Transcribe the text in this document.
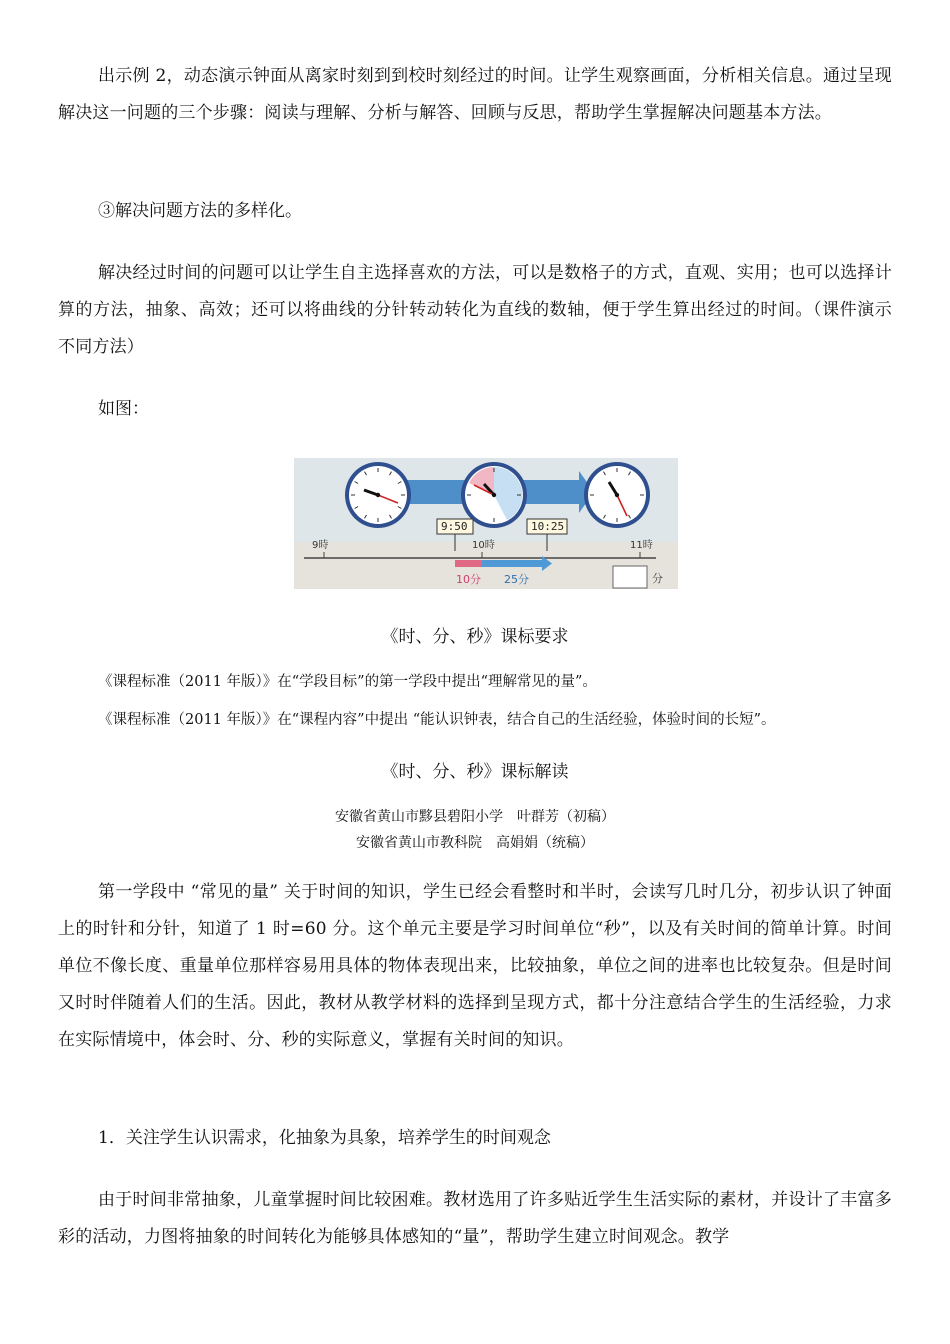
出示例 2，动态演示钟面从离家时刻到到校时刻经过的时间。让学生观察画面，分析相关信息。通过呈现解决这一问题的三个步骤：阅读与理解、分析与解答、回顾与反思，帮助学生掌握解决问题基本方法。

③解决问题方法的多样化。

解决经过时间的问题可以让学生自主选择喜欢的方法，可以是数格子的方式，直观、实用；也可以选择计算的方法，抽象、高效；还可以将曲线的分针转动转化为直线的数轴，便于学生算出经过的时间。（课件演示不同方法）

如图：

9時	10時	11時
9:50	10:25
10分 25分	分

《时、分、秒》课标要求

《课程标准（2011 年版）》在“学段目标”的第一学段中提出“理解常见的量”。

《课程标准（2011 年版）》在“课程内容”中提出 “能认识钟表，结合自己的生活经验，体验时间的长短”。

《时、分、秒》课标解读

安徽省黄山市黟县碧阳小学　叶群芳（初稿）

安徽省黄山市教科院　高娟娟（统稿）

第一学段中 “常见的量” 关于时间的知识，学生已经会看整时和半时，会读写几时几分，初步认识了钟面上的时针和分针，知道了 1 时=60 分。这个单元主要是学习时间单位“秒”，以及有关时间的简单计算。时间单位不像长度、重量单位那样容易用具体的物体表现出来，比较抽象，单位之间的进率也比较复杂。但是时间又时时伴随着人们的生活。因此，教材从教学材料的选择到呈现方式，都十分注意结合学生的生活经验，力求在实际情境中，体会时、分、秒的实际意义，掌握有关时间的知识。

1．关注学生认识需求，化抽象为具象，培养学生的时间观念

由于时间非常抽象，儿童掌握时间比较困难。教材选用了许多贴近学生生活实际的素材，并设计了丰富多彩的活动，力图将抽象的时间转化为能够具体感知的“量”，帮助学生建立时间观念。教学
